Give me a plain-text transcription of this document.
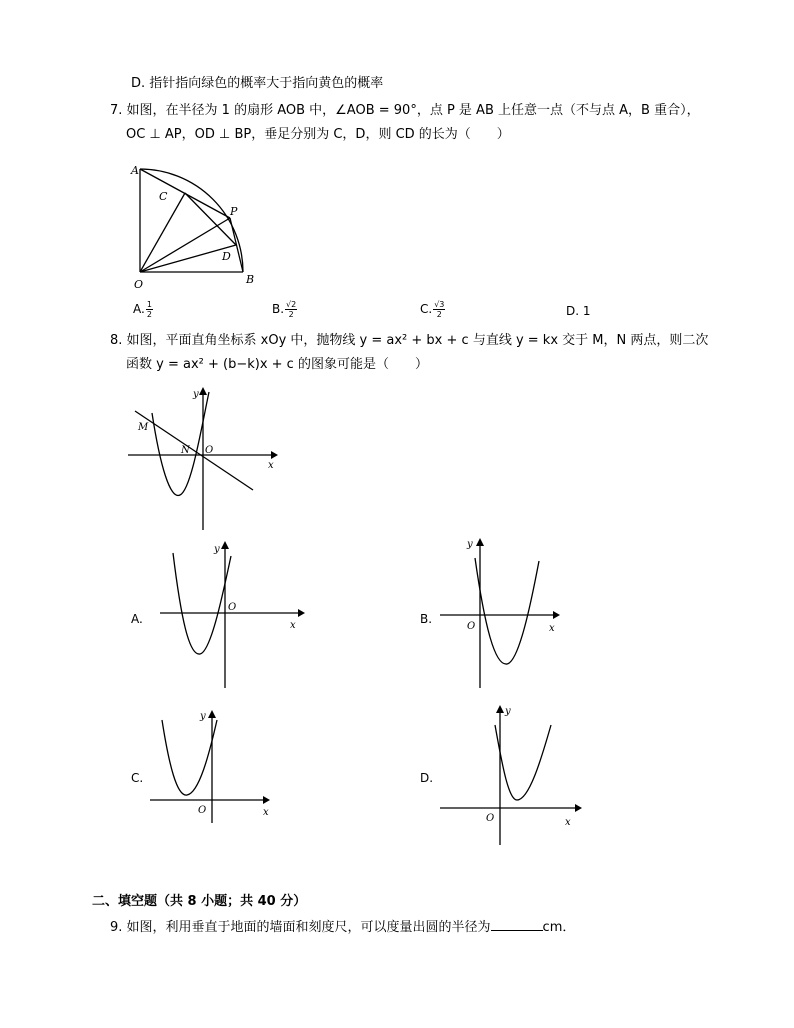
D. 指针指向绿色的概率大于指向黄色的概率
7. 如图，在半径为 1 的扇形 AOB 中，∠AOB = 90°，点 P 是 AB 上任意一点（不与点 A，B 重合），
OC ⊥ AP，OD ⊥ BP，垂足分别为 C，D，则 CD 的长为（　　）
A
C
P
D
O	B
A. $\frac{1}{2}$	B. $\frac{√2}{2}$	C. $\frac{√3}{2}$	D. 1
8. 如图，平面直角坐标系 xOy 中，抛物线 y = ax² + bx + c 与直线 y = kx 交于 M，N 两点，则二次
函数 y = ax² + (b−k)x + c 的图象可能是（　　）
M
N O
x
y
A.
O
x
y
B.
O	x
y
C.
O	x
y
D.
O	x
y
二、填空题（共 8 小题；共 40 分）
9. 如图，利用垂直于地面的墙面和刻度尺，可以度量出圆的半径为	cm．
